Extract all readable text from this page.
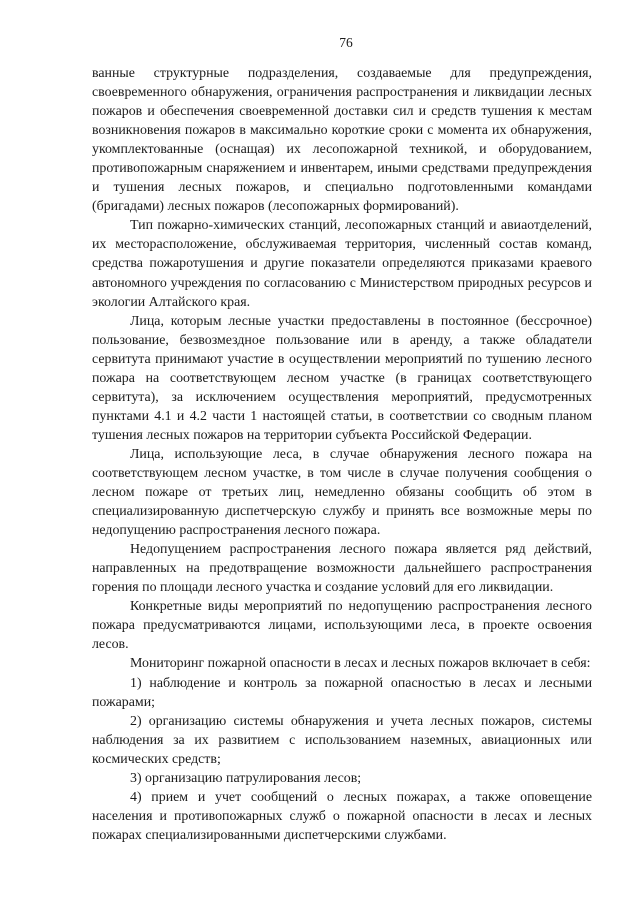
76

ванные структурные подразделения, создаваемые для предупреждения, своевременного обнаружения, ограничения распространения и ликвидации лесных пожаров и обеспечения своевременной доставки сил и средств тушения к местам возникновения пожаров в максимально короткие сроки с момента их обнаружения, укомплектованные (оснащая) их лесопожарной техникой, и оборудованием, противопожарным снаряжением и инвентарем, иными средствами предупреждения и тушения лесных пожаров, и специально подготовленными командами (бригадами) лесных пожаров (лесопожарных формирований).

Тип пожарно-химических станций, лесопожарных станций и авиаотделений, их месторасположение, обслуживаемая территория, численный состав команд, средства пожаротушения и другие показатели определяются приказами краевого автономного учреждения по согласованию с Министерством природных ресурсов и экологии Алтайского края.

Лица, которым лесные участки предоставлены в постоянное (бессрочное) пользование, безвозмездное пользование или в аренду, а также обладатели сервитута принимают участие в осуществлении мероприятий по тушению лесного пожара на соответствующем лесном участке (в границах соответствующего сервитута), за исключением осуществления мероприятий, предусмотренных пунктами 4.1 и 4.2 части 1 настоящей статьи, в соответствии со сводным планом тушения лесных пожаров на территории субъекта Российской Федерации.

Лица, использующие леса, в случае обнаружения лесного пожара на соответствующем лесном участке, в том числе в случае получения сообщения о лесном пожаре от третьих лиц, немедленно обязаны сообщить об этом в специализированную диспетчерскую службу и принять все возможные меры по недопущению распространения лесного пожара.

Недопущением распространения лесного пожара является ряд действий, направленных на предотвращение возможности дальнейшего распространения горения по площади лесного участка и создание условий для его ликвидации.

Конкретные виды мероприятий по недопущению распространения лесного пожара предусматриваются лицами, использующими леса, в проекте освоения лесов.

Мониторинг пожарной опасности в лесах и лесных пожаров включает в себя:

1) наблюдение и контроль за пожарной опасностью в лесах и лесными пожарами;

2) организацию системы обнаружения и учета лесных пожаров, системы наблюдения за их развитием с использованием наземных, авиационных или космических средств;

3) организацию патрулирования лесов;

4) прием и учет сообщений о лесных пожарах, а также оповещение населения и противопожарных служб о пожарной опасности в лесах и лесных пожарах специализированными диспетчерскими службами.
